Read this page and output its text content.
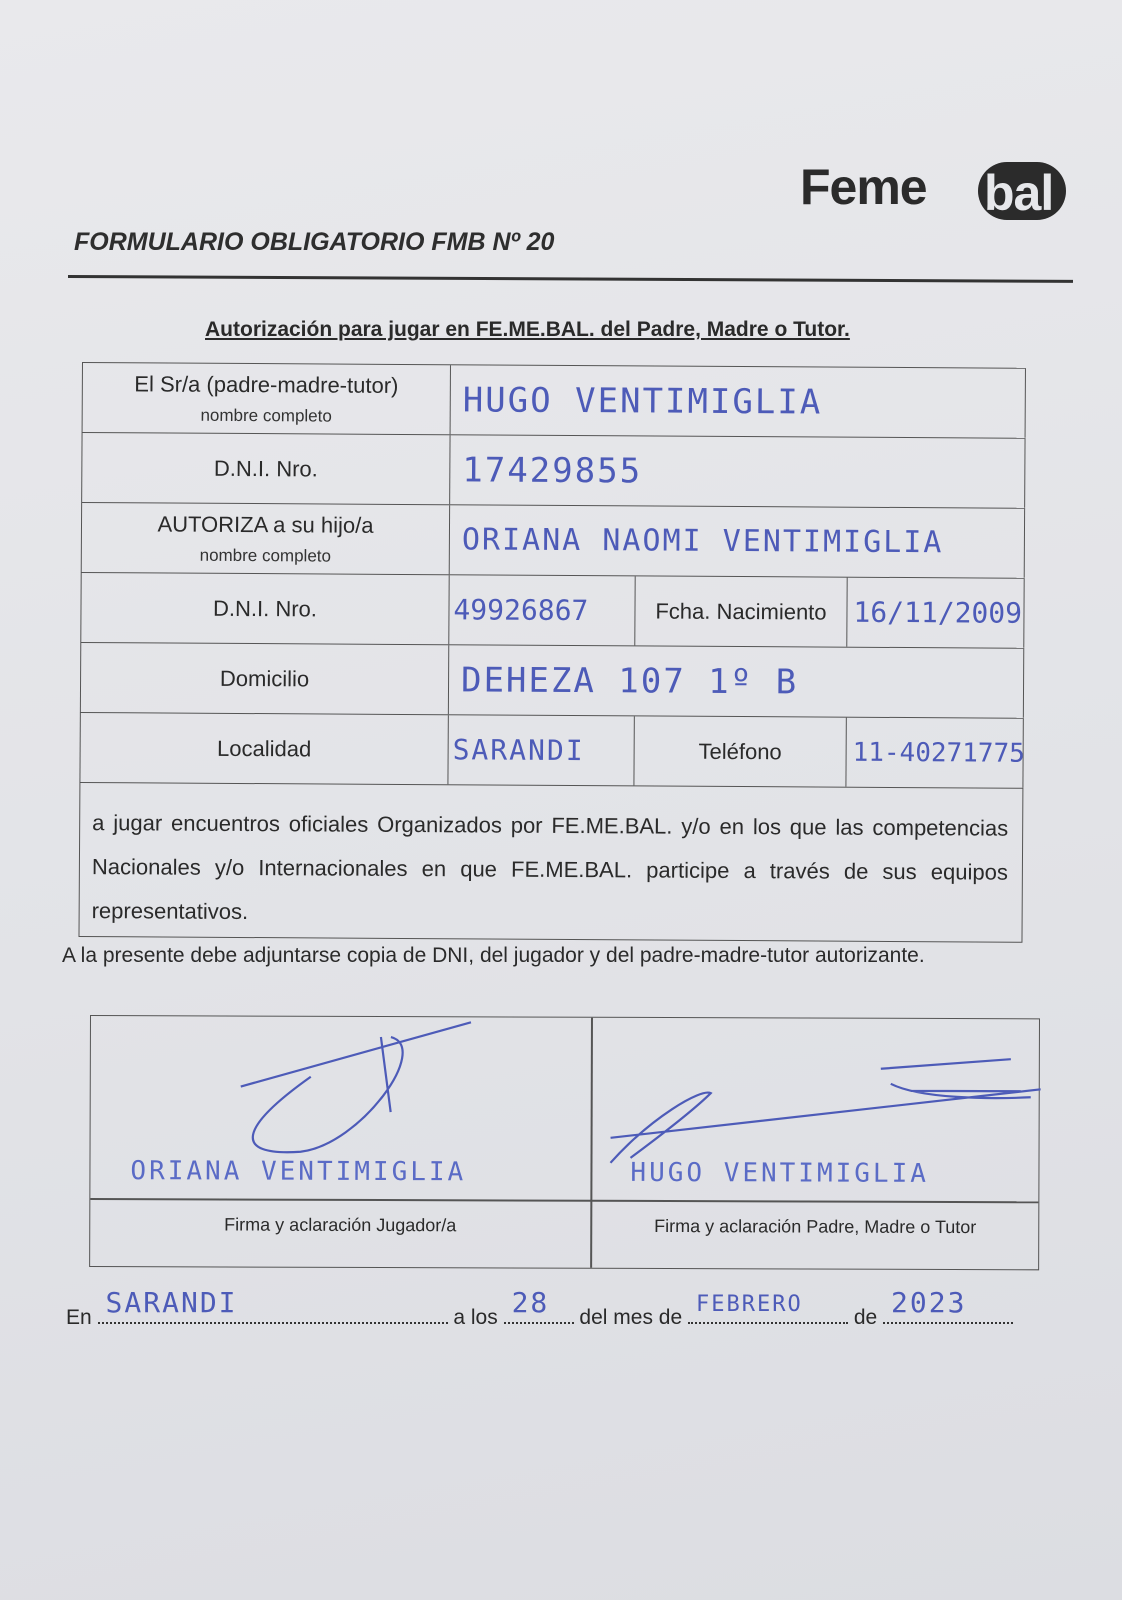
Feme bal
FORMULARIO OBLIGATORIO FMB Nº 20
Autorización para jugar en FE.ME.BAL. del Padre, Madre o Tutor.
El Sr/a (padre-madre-tutor)
nombre completo	HUGO VENTIMIGLIA
D.N.I. Nro.	17429855
AUTORIZA a su hijo/a
nombre completo	ORIANA NAOMI VENTIMIGLIA
D.N.I. Nro.	49926867	Fcha. Nacimiento 16/11/2009
Domicilio	DEHEZA 107 1º B
Localidad	SARANDI	Teléfono	11-40271775
a jugar encuentros oficiales Organizados por FE.ME.BAL. y/o en los que las competencias Nacionales y/o Internacionales en que FE.ME.BAL. participe a través de sus equipos representativos.
A la presente debe adjuntarse copia de DNI, del jugador y del padre-madre-tutor autorizante.
ORIANA VENTIMIGLIA	HUGO VENTIMIGLIA
Firma y aclaración Jugador/a	Firma y aclaración Padre, Madre o Tutor
En SARANDI	a los 28 del mes de
FEBRERO
de 2023
